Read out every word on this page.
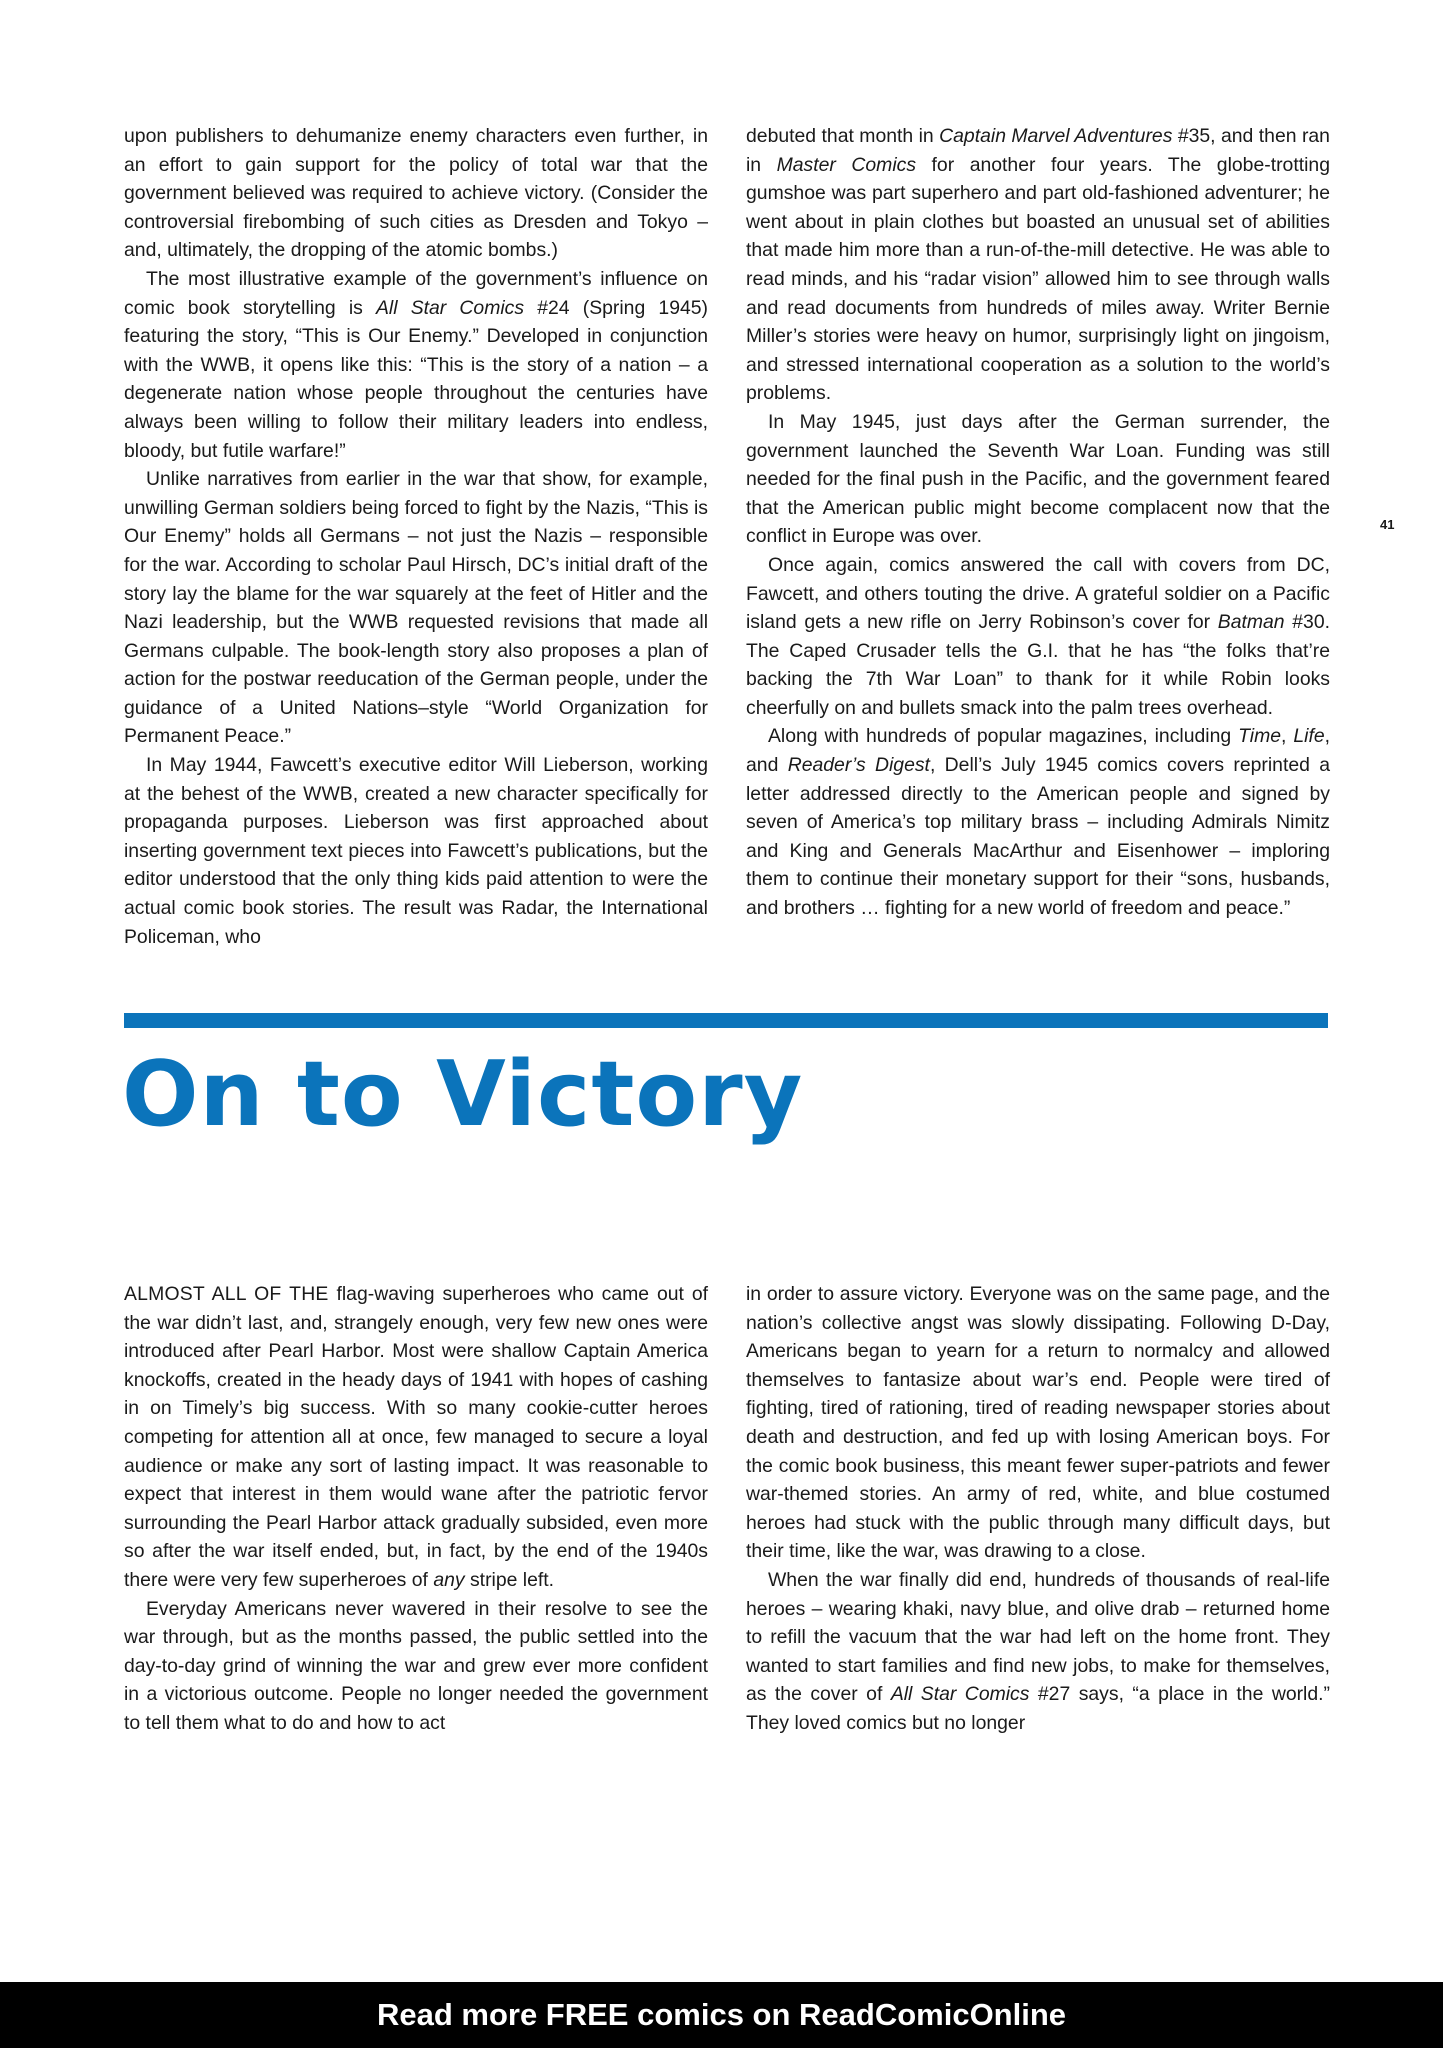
upon publishers to dehumanize enemy characters even further, in an effort to gain support for the policy of total war that the government believed was required to achieve victory. (Consider the controversial firebombing of such cities as Dresden and Tokyo – and, ultimately, the dropping of the atomic bombs.)

The most illustrative example of the government’s influence on comic book storytelling is All Star Comics #24 (Spring 1945) featuring the story, “This is Our Enemy.” Developed in conjunction with the WWB, it opens like this: “This is the story of a nation – a degenerate nation whose people throughout the centuries have always been willing to follow their military leaders into endless, bloody, but futile warfare!”

Unlike narratives from earlier in the war that show, for example, unwilling German soldiers being forced to fight by the Nazis, “This is Our Enemy” holds all Germans – not just the Nazis – responsible for the war. According to scholar Paul Hirsch, DC’s initial draft of the story lay the blame for the war squarely at the feet of Hitler and the Nazi leadership, but the WWB requested revisions that made all Germans culpable. The book-length story also proposes a plan of action for the postwar reeducation of the German people, under the guidance of a United Nations–style “World Organization for Permanent Peace.”

In May 1944, Fawcett’s executive editor Will Lieberson, working at the behest of the WWB, created a new character specifically for propaganda purposes. Lieberson was first approached about inserting government text pieces into Fawcett’s publications, but the editor understood that the only thing kids paid attention to were the actual comic book stories. The result was Radar, the International Policeman, who

debuted that month in Captain Marvel Adventures #35, and then ran in Master Comics for another four years. The globe-trotting gumshoe was part superhero and part old-fashioned adventurer; he went about in plain clothes but boasted an unusual set of abilities that made him more than a run-of-the-mill detective. He was able to read minds, and his “radar vision” allowed him to see through walls and read documents from hundreds of miles away. Writer Bernie Miller’s stories were heavy on humor, surprisingly light on jingoism, and stressed international cooperation as a solution to the world’s problems.

In May 1945, just days after the German surrender, the government launched the Seventh War Loan. Funding was still needed for the final push in the Pacific, and the government feared that the American public might become complacent now that the conflict in Europe was over.

Once again, comics answered the call with covers from DC, Fawcett, and others touting the drive. A grateful soldier on a Pacific island gets a new rifle on Jerry Robinson’s cover for Batman #30. The Caped Crusader tells the G.I. that he has “the folks that’re backing the 7th War Loan” to thank for it while Robin looks cheerfully on and bullets smack into the palm trees overhead.

Along with hundreds of popular magazines, including Time, Life, and Reader’s Digest, Dell’s July 1945 comics covers reprinted a letter addressed directly to the American people and signed by seven of America’s top military brass – including Admirals Nimitz and King and Generals MacArthur and Eisenhower – imploring them to continue their monetary support for their “sons, husbands, and brothers … fighting for a new world of freedom and peace.”

41
On to Victory

ALMOST ALL OF THE flag-waving superheroes who came out of the war didn’t last, and, strangely enough, very few new ones were introduced after Pearl Harbor. Most were shallow Captain America knockoffs, created in the heady days of 1941 with hopes of cashing in on Timely’s big success. With so many cookie-cutter heroes competing for attention all at once, few managed to secure a loyal audience or make any sort of lasting impact. It was reasonable to expect that interest in them would wane after the patriotic fervor surrounding the Pearl Harbor attack gradually subsided, even more so after the war itself ended, but, in fact, by the end of the 1940s there were very few superheroes of any stripe left.

Everyday Americans never wavered in their resolve to see the war through, but as the months passed, the public settled into the day-to-day grind of winning the war and grew ever more confident in a victorious outcome. People no longer needed the government to tell them what to do and how to act

in order to assure victory. Everyone was on the same page, and the nation’s collective angst was slowly dissipating. Following D-Day, Americans began to yearn for a return to normalcy and allowed themselves to fantasize about war’s end. People were tired of fighting, tired of rationing, tired of reading newspaper stories about death and destruction, and fed up with losing American boys. For the comic book business, this meant fewer super-patriots and fewer war-themed stories. An army of red, white, and blue costumed heroes had stuck with the public through many difficult days, but their time, like the war, was drawing to a close.

When the war finally did end, hundreds of thousands of real-life heroes – wearing khaki, navy blue, and olive drab – returned home to refill the vacuum that the war had left on the home front. They wanted to start families and find new jobs, to make for themselves, as the cover of All Star Comics #27 says, “a place in the world.” They loved comics but no longer

Read more FREE comics on ReadComicOnline
